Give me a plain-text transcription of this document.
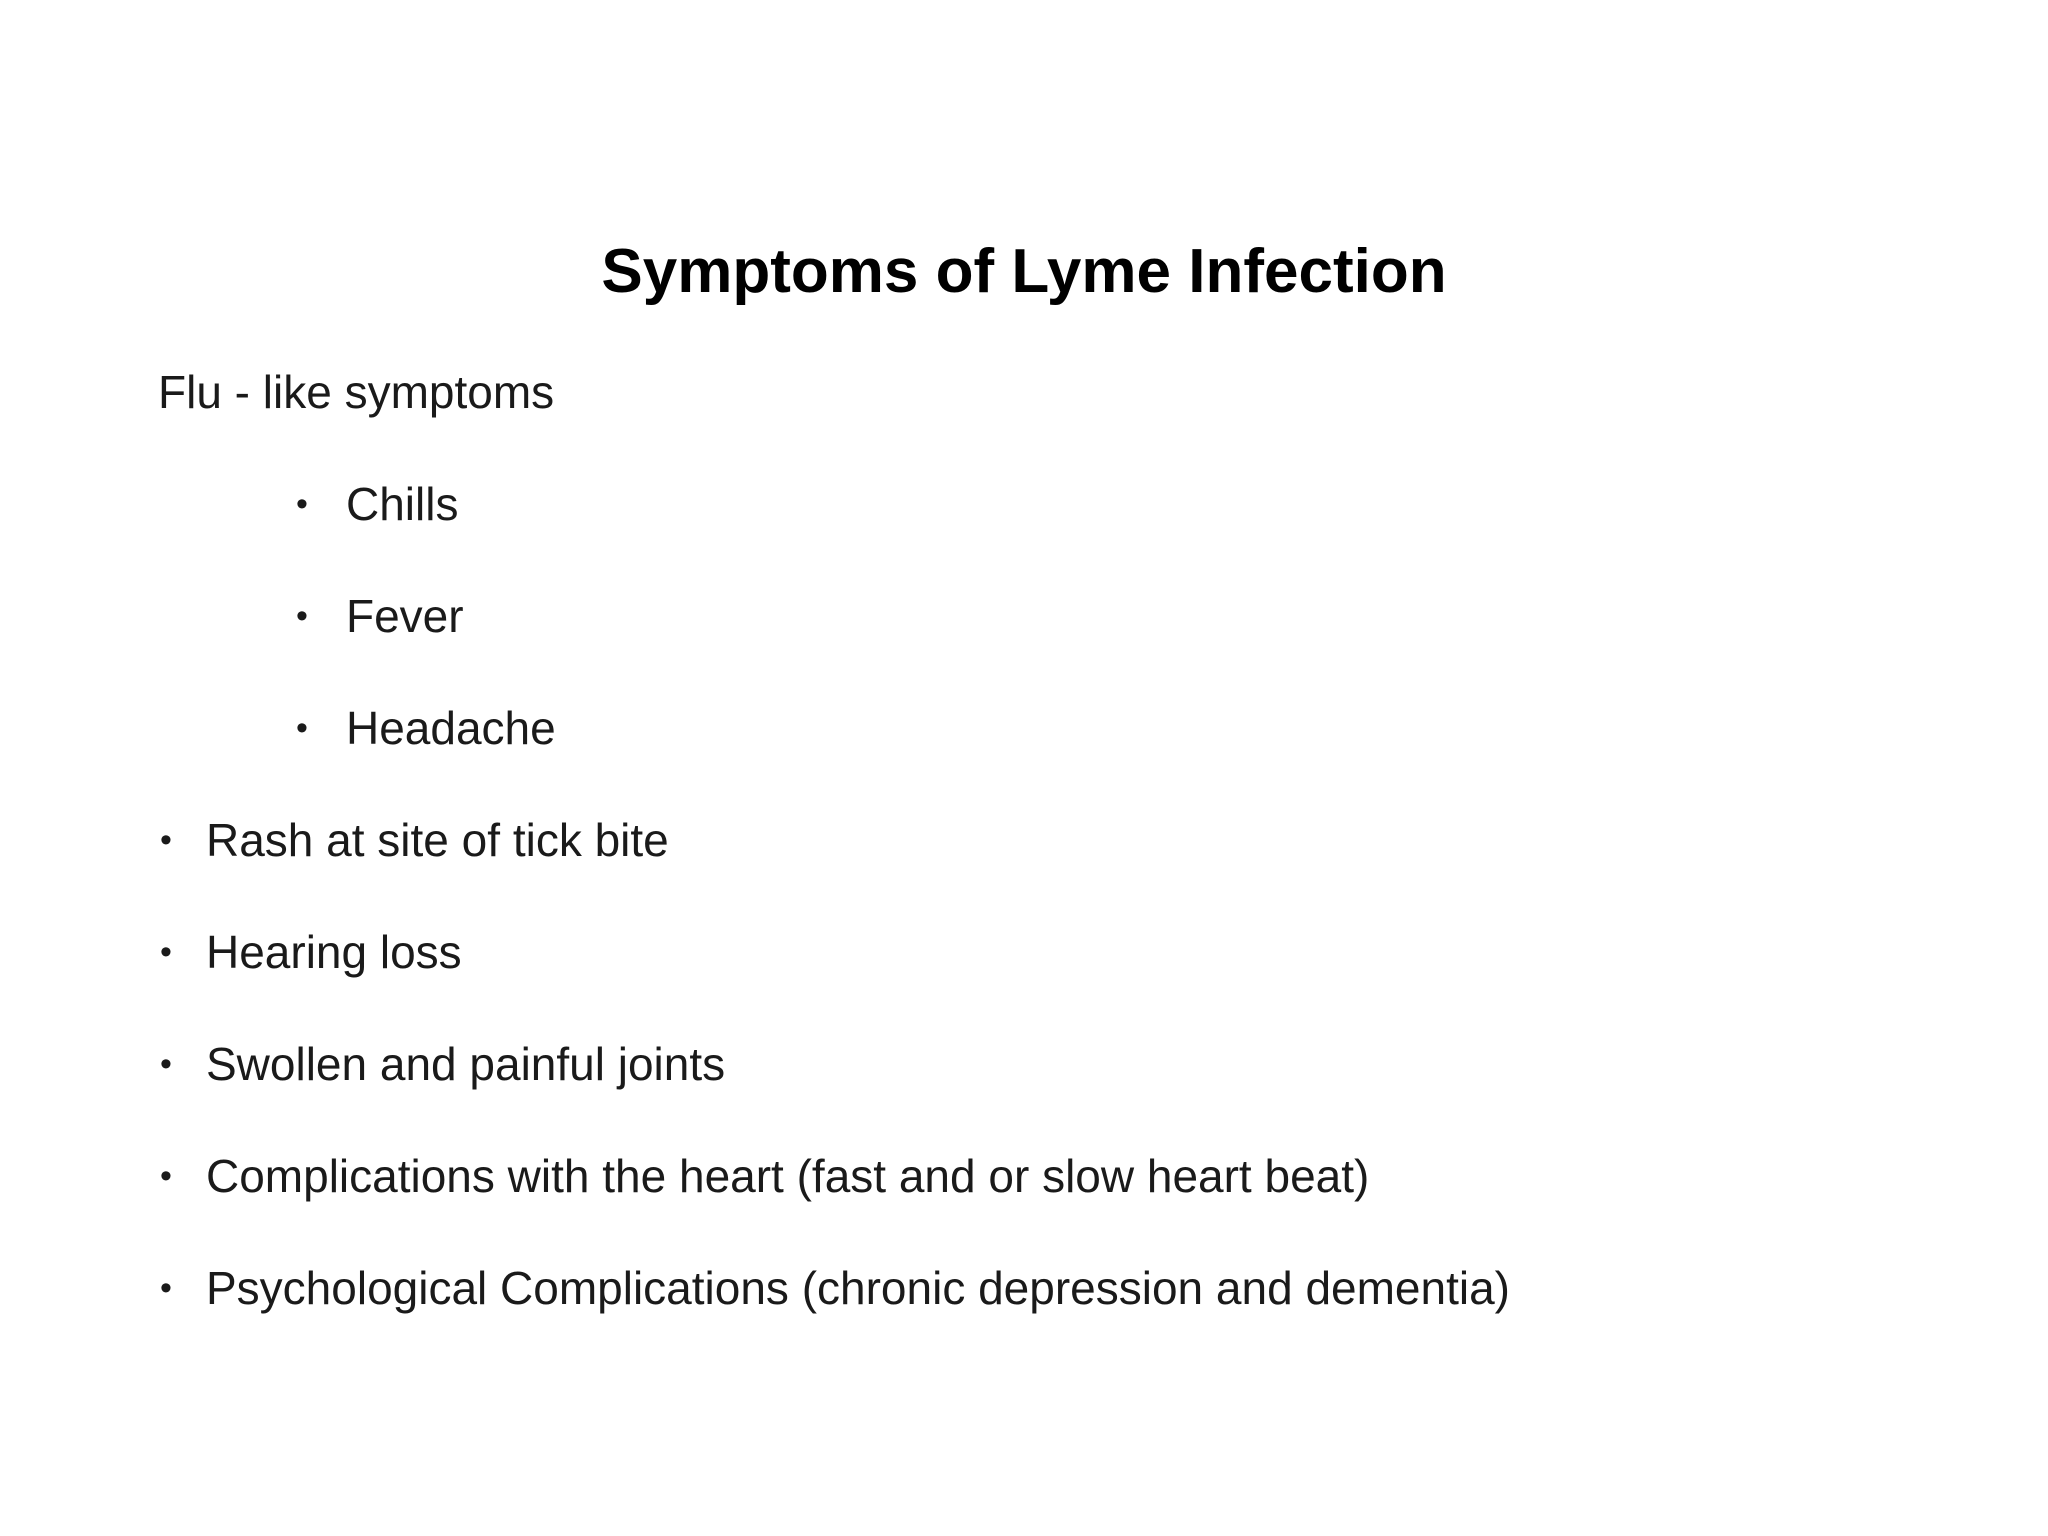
Symptoms of Lyme Infection

Flu - like symptoms

• Chills
• Fever
• Headache
• Rash at site of tick bite
• Hearing loss
• Swollen and painful joints
• Complications with the heart (fast and or slow heart beat)
• Psychological Complications (chronic depression and dementia)
